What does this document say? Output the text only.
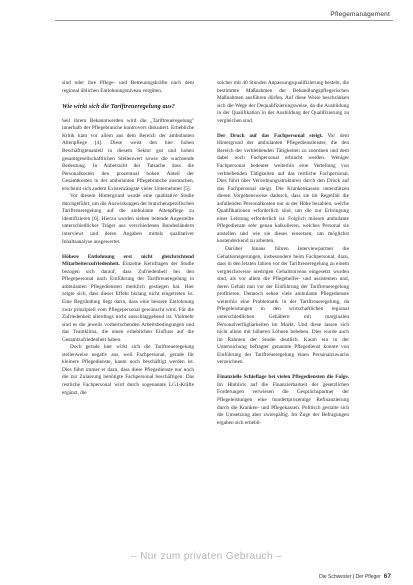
Pflegemanagement

sind oder ihre Pflege- und Betreuungskräfte nach dem regional üblichen Entlohnungsniveau vergüten.

Wie wirkt sich die Tariftreueregelung aus?

Seit ihrem Bekanntwerden wird die „Tariftreueregelung" innerhalb der Pflegebranche kontrovers diskutiert. Erhebliche Kritik kam vor allem aus dem Bereich der ambulanten Altenpflege [4]. Diese weist den hier hohen Beschäftigtenanteil in diesem Sektor gut und hohen gesamtgesellschaftlichen Stellenwert sowie die wachsende Bedeutung. In Anbetracht der Tatsache dass die Personalkosten den prozentual hohen Anteil der Gesamtkosten in der ambulanten Pflegebranche ausmachen, erscheint sich zudem Existenzängste vieler Unternehmer [5].

Vor diesem Hintergrund wurde eine qualitative Studie durchgeführt, um die Auswirkungen der branchenspezifischen Tariftreueregelung auf die ambulante Altenpflege zu identifizieren [6]. Hierzu wurden sieben leitende Angestellte unterschiedlicher Träger aus verschiedenen Bundesländern interviewt und deren Angaben mittels qualitativer Inhaltsanalyse ausgewertet.

Höhere Entlohnung erst nicht gleichrichtend Mitarbeiterzufriedenheit. Einzelne Kernfragen der Studie bezogen sich darauf, dass Zufriedenheit bei den Pflegepersonal nach Einführung der Tariftreueregelung in ambulanten Pflegediensten merklich gestiegen hat. Hier zeigte sich, dass dieser Effekt bislang nicht eingetreten ist. Eine Begründung liegt darin, dass eine bessere Entlohnung zwar prinzipiell vom Pflegepersonal gewünscht wird. Für die Zufriedenheit allerdings nicht ausschlaggebend ist. Vielmehr sind es die jeweils vorherrschenden Arbeitsbedingungen und das Teamklima, die einen erheblichen Einfluss auf die Gesamtzufriedenheit haben.

Doch gerade hier wirkt sich die Tariftreueregelung stellenweise negativ aus, weil Fachpersonal, gerade für kleinere Pflegedienste, kaum noch beschäftigt werden ist. Dies führt immer er dazu, dass diese Pflegedienste nur noch die zur Zulassung benötigte Fachpersonal beschäftigen. Das restliche Fachpersonal wird durch sogenannte LG1-Kräfte ergänzt, die

solcher mit 40 Stunden Anpassungsqualifizierung besteht, die bestimmte Maßnahmen der Behandlungspflegerischen Maßnahmen ausführen dürfen. Auf diese Weise beschränken sich die Wege der Dequalifizierungsweise, da die Ausbildung in der Qualifikation in der Ausbildung der Qualifizierung zu vergleichen sind.

Der Druck auf das Fachpersonal steigt. Vor dem Hintergrund der ambulanten Pflegedienstleister, die den Bereich der verbleibenden Tätigkeiten zu zuordnen und dem dabei noch Fachpersonal erbracht werden. Weniger Fachpersonal bedeutet weiterhin eine Verteilung von verbleibenden Tätigkeiten auf das restliche Fachpersonal. Dies führt über Verordnungsstrukturen durch den Druck auf das Fachpersonal steigt. Die Krankenkassen unterstützen diesen Vorgehensweise dadurch, dass sie im Regelfall die anfallenden Personalkosten nur in der Höhe bezahlen, welche Qualifikationen erforderlich sind, um die zur Erbringung einer Leistung erforderlich ist. Folglich müssen ambulante Pflegedienste sehr genau kalkulieren, welches Personal sie anstellen und wie sie dieses einsetzen, um möglichst kostendeckend zu arbeiten.

Darüber hinaus führen Interviewpartner die Gehaltssteigerungen, insbesondere beim Fachpersonal, dazu, dass in den letzten Jahren vor der Tariftreueregelung zu einem vergleichsweise niedrigen Gehaltsniveau eingesetzt wurden sind, als vor allem die Pflegehelfer- und assistenten und, deren Gehalt nun vor der Einführung der Tariftreueregelung profitieren. Dennoch sehen viele ambulante Pflegedienste weiterhin eine Problematik in der Tariftreueregelung, da Pflegeleistungen in den wirtschaftlichen regional unterschiedlichen Gehältern mit marginalen Personalverfügbarkeiten im Markt. Und diese lassen sich nicht allein mit höheren Löhnen beheben. Dies wurde auch im Rahmen der Studie deutlich. Kaum ein in der Untersuchung befragter genannte Pflegedienst konnte von Einführung der Tariftreueregelung einen Personalzuwachs verzeichnen.

Finanzielle Schieflage bei vielen Pflegediensten die Folge. Im Hinblick auf die Finanzierbarkeit der gesetzlichen Forderungen verwiesen die Gesprächspartner der Pflegeleistungen eine hundertprozentige Refinanzierung durch die Kranken- und Pflegekassen. Politisch gestalte sich die Umsetzung aber zwiespältig. Im Zuge der Befragungen ergaben sich erhebli-

– Nur zum privaten Gebrauch –
Die Schwester | Der Pfleger 67
